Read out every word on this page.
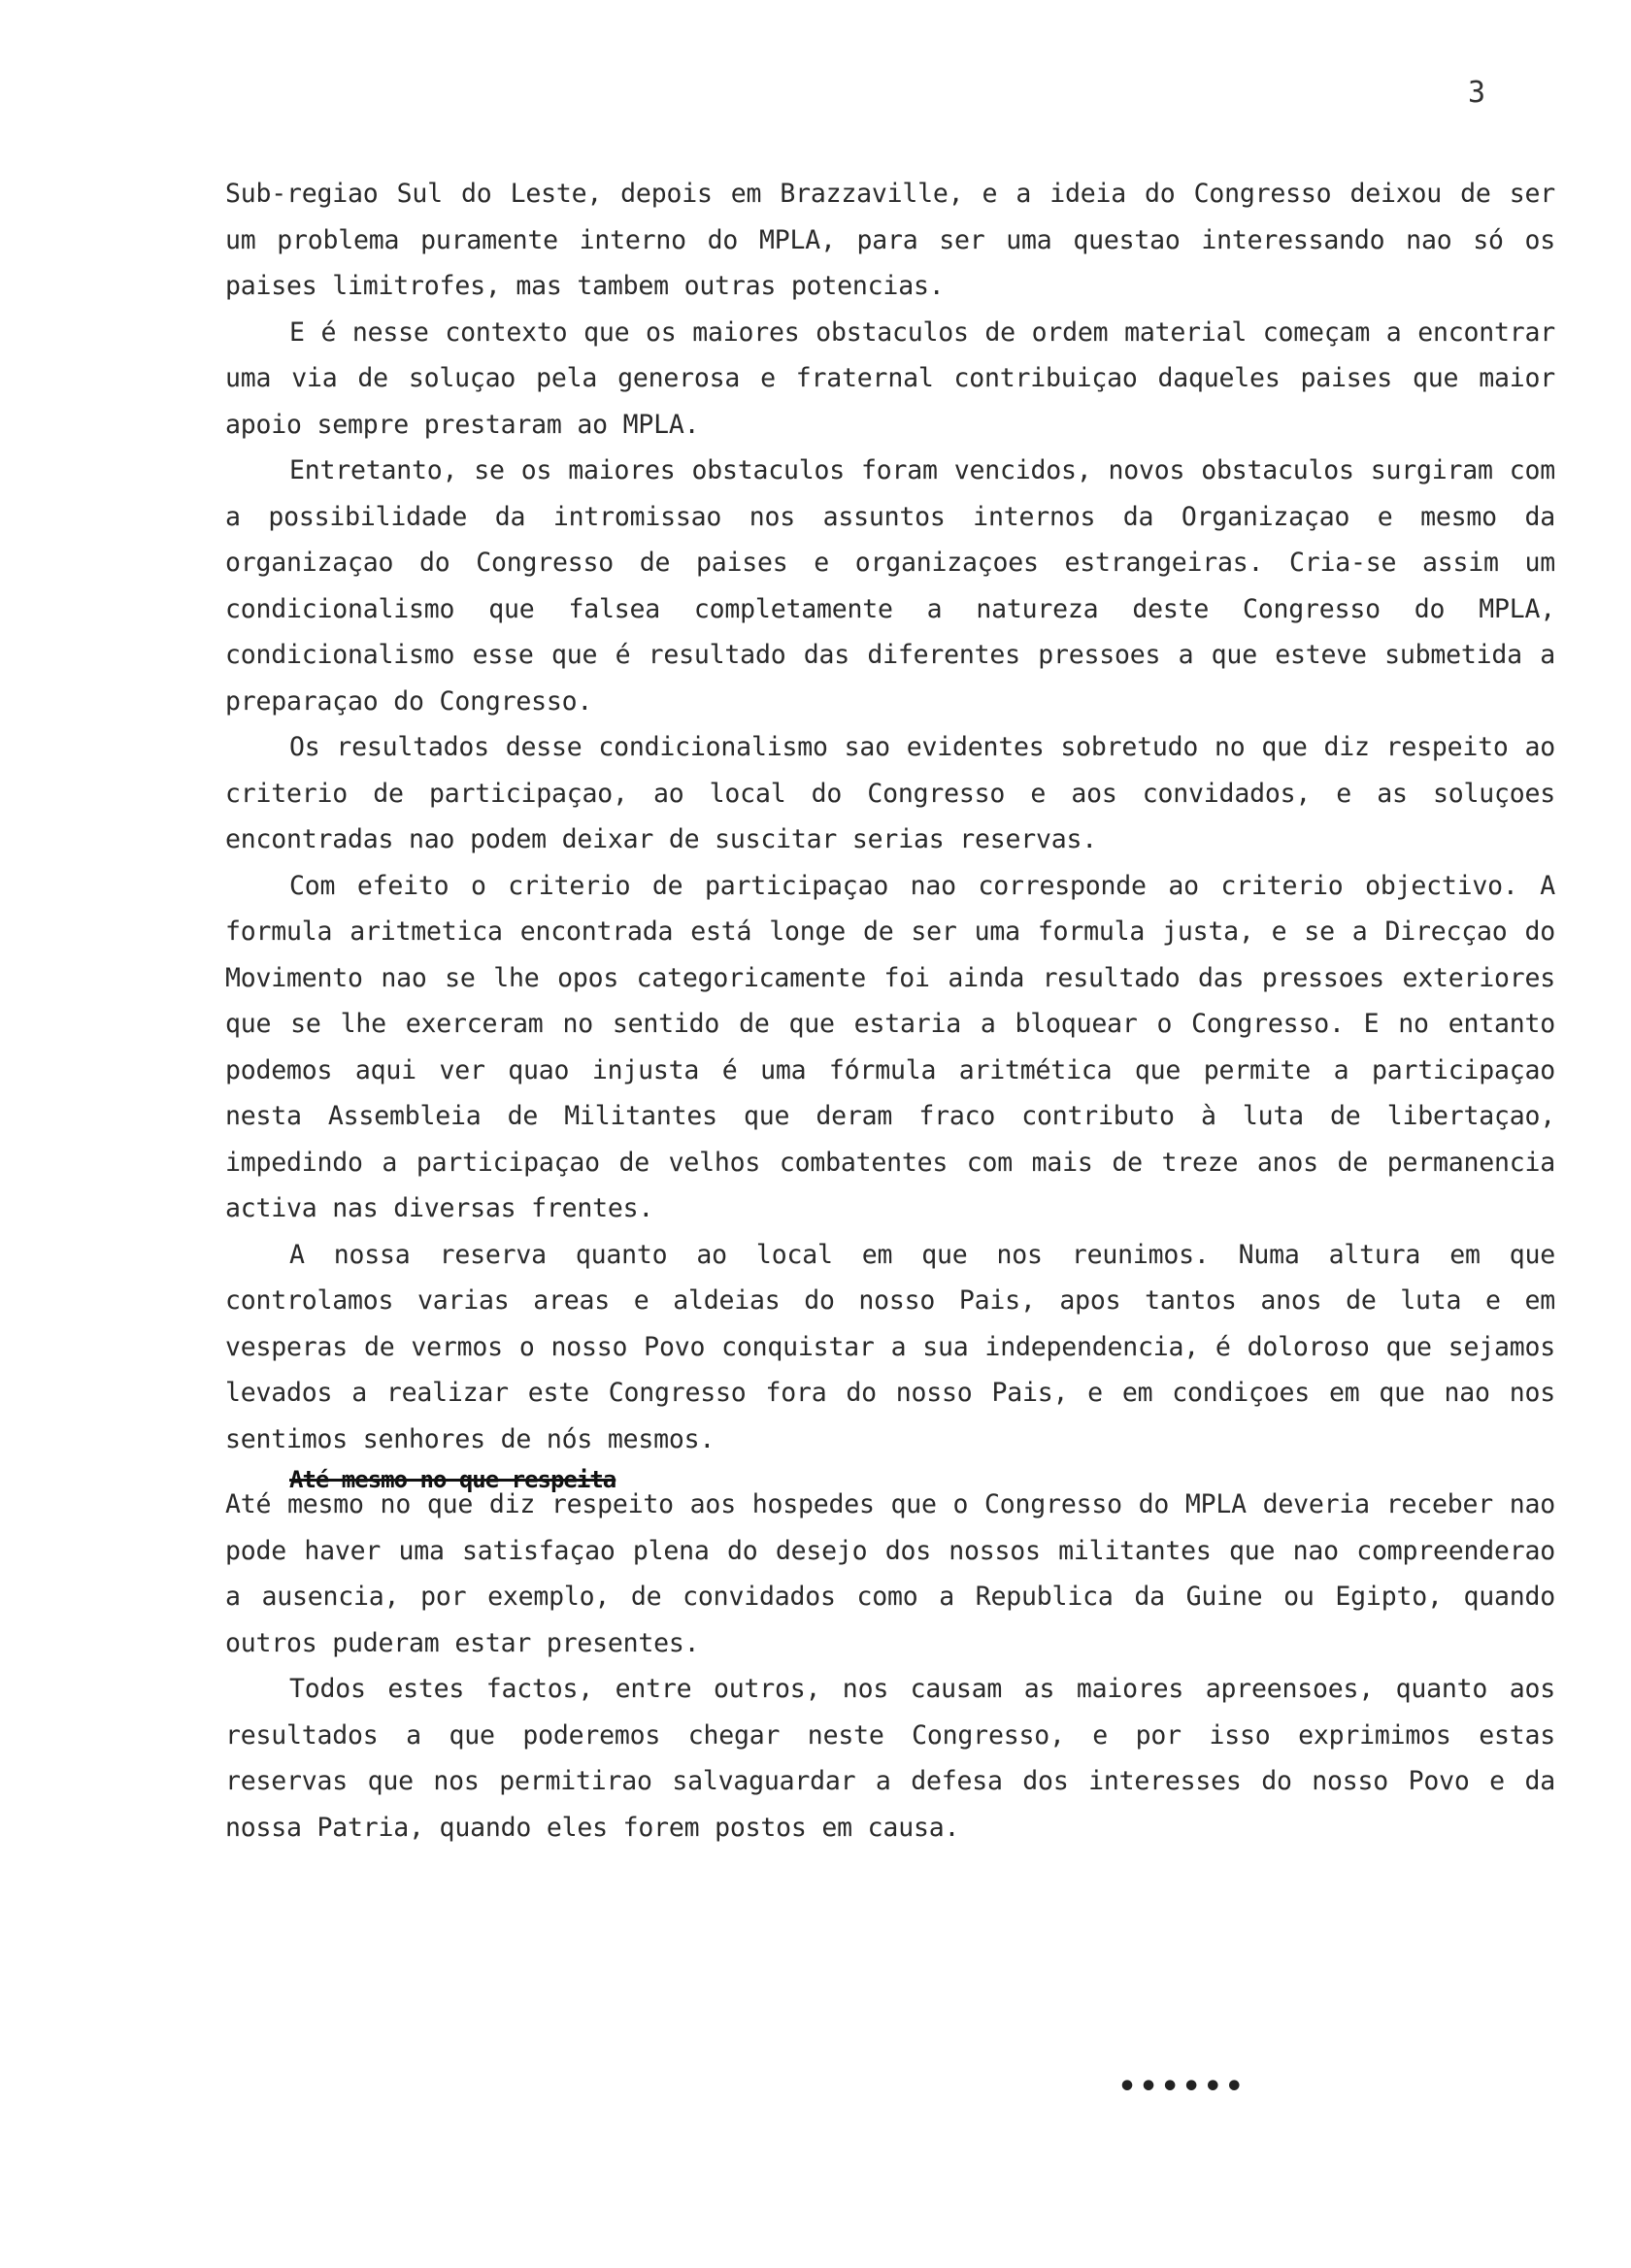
3

Sub-regiao Sul do Leste, depois em Brazzaville, e a ideia do Congresso deixou de ser um problema puramente interno do MPLA, para ser uma questao interessando nao só os paises limitrofes, mas tambem outras potencias.

E é nesse contexto que os maiores obstaculos de ordem material começam a encontrar uma via de soluçao pela generosa e fraternal contribuiçao daqueles paises que maior apoio sempre prestaram ao MPLA.

Entretanto, se os maiores obstaculos foram vencidos, novos obstaculos surgiram com a possibilidade da intromissao nos assuntos internos da Organizaçao e mesmo da organizaçao do Congresso de paises e organizaçoes estrangeiras. Cria-se assim um condicionalismo que falsea completamente a natureza deste Congresso do MPLA, condicionalismo esse que é resultado das diferentes pressoes a que esteve submetida a preparaçao do Congresso.

Os resultados desse condicionalismo sao evidentes sobretudo no que diz respeito ao criterio de participaçao, ao local do Congresso e aos convidados, e as soluçoes encontradas nao podem deixar de suscitar serias reservas.

Com efeito o criterio de participaçao nao corresponde ao criterio objectivo. A formula aritmetica encontrada está longe de ser uma formula justa, e se a Direcçao do Movimento nao se lhe opos categoricamente foi ainda resultado das pressoes exteriores que se lhe exerceram no sentido de que estaria a bloquear o Congresso. E no entanto podemos aqui ver quao injusta é uma fórmula aritmética que permite a participaçao nesta Assembleia de Militantes que deram fraco contributo à luta de libertaçao, impedindo a participaçao de velhos combatentes com mais de treze anos de permanencia activa nas diversas frentes.

A nossa reserva quanto ao local em que nos reunimos. Numa altura em que controlamos varias areas e aldeias do nosso Pais, apos tantos anos de luta e em vesperas de vermos o nosso Povo conquistar a sua independencia, é doloroso que sejamos levados a realizar este Congresso fora do nosso Pais, e em condiçoes em que nao nos sentimos senhores de nós mesmos.

Até mesmo no que respeita

Até mesmo no que diz respeito aos hospedes que o Congresso do MPLA deveria receber nao pode haver uma satisfaçao plena do desejo dos nossos militantes que nao compreenderao a ausencia, por exemplo, de convidados como a Republica da Guine ou Egipto, quando outros puderam estar presentes.

Todos estes factos, entre outros, nos causam as maiores apreensoes, quanto aos resultados a que poderemos chegar neste Congresso, e por isso exprimimos estas reservas que nos permitirao salvaguardar a defesa dos interesses do nosso Povo e da nossa Patria, quando eles forem postos em causa.

••••••
